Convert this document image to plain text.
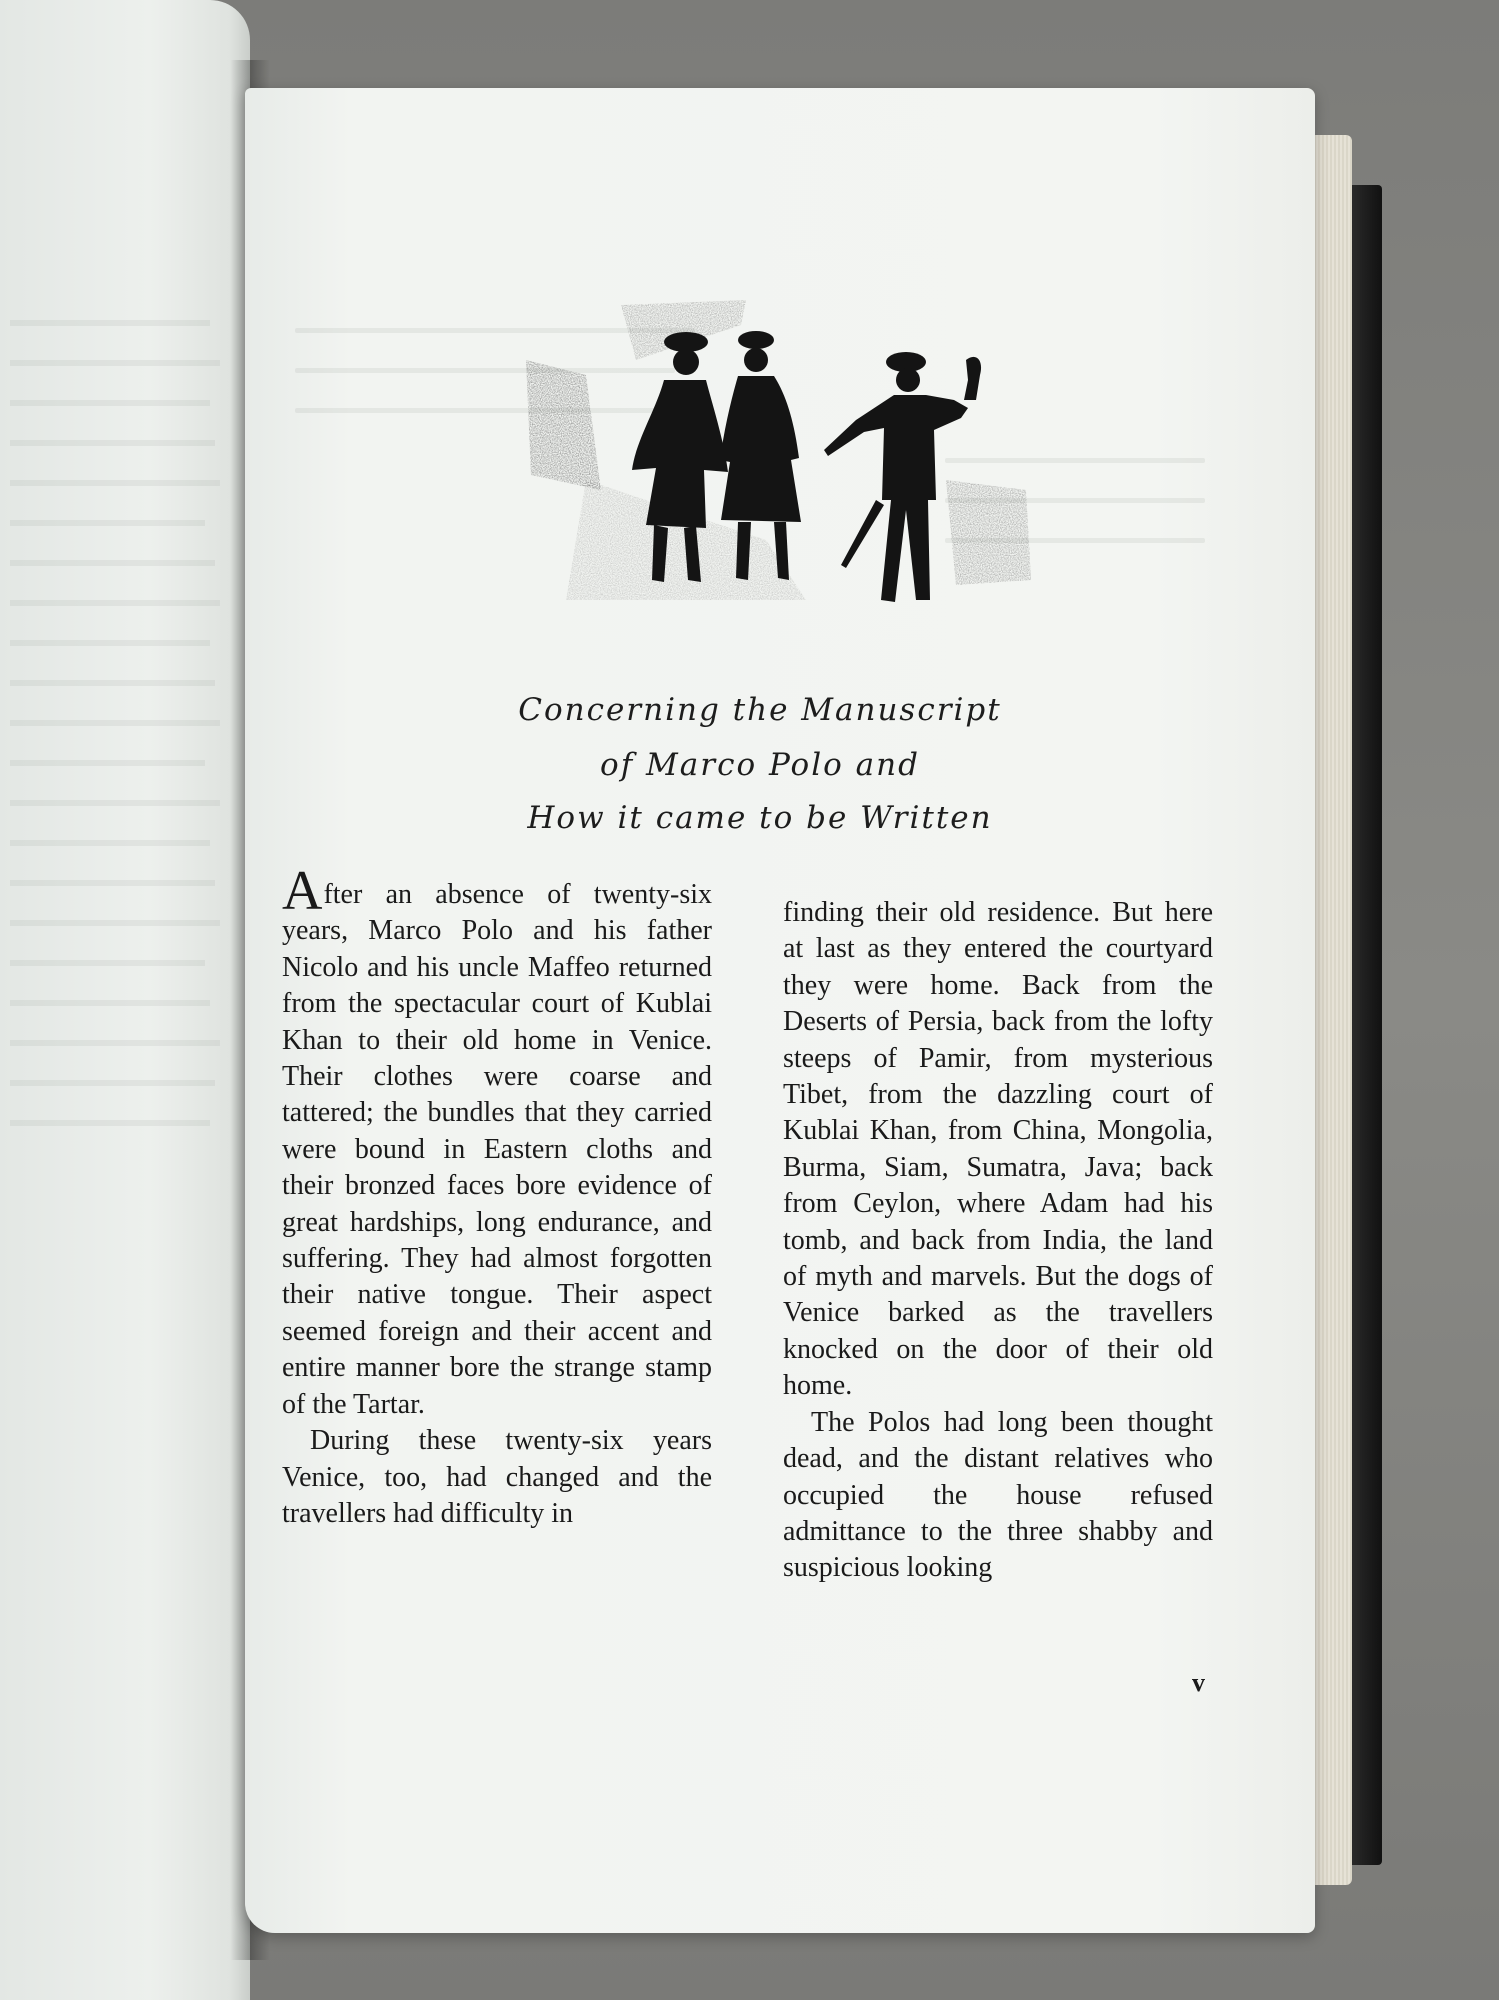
Concerning the Manuscript
of Marco Polo and
How it came to be Written

After an absence of twenty-six years, Marco Polo and his father Nicolo and his uncle Maffeo returned from the spectacular court of Kublai Khan to their old home in Venice. Their clothes were coarse and tattered; the bundles that they carried were bound in Eastern cloths and their bronzed faces bore evidence of great hardships, long endurance, and suffering. They had almost forgotten their native tongue. Their aspect seemed foreign and their accent and entire manner bore the strange stamp of the Tartar.

During these twenty-six years Venice, too, had changed and the travellers had difficulty in

finding their old residence. But here at last as they entered the courtyard they were home. Back from the Deserts of Persia, back from the lofty steeps of Pamir, from mysterious Tibet, from the dazzling court of Kublai Khan, from China, Mongolia, Burma, Siam, Sumatra, Java; back from Ceylon, where Adam had his tomb, and back from India, the land of myth and marvels. But the dogs of Venice barked as the travellers knocked on the door of their old home.

The Polos had long been thought dead, and the distant relatives who occupied the house refused admittance to the three shabby and suspicious looking

v
